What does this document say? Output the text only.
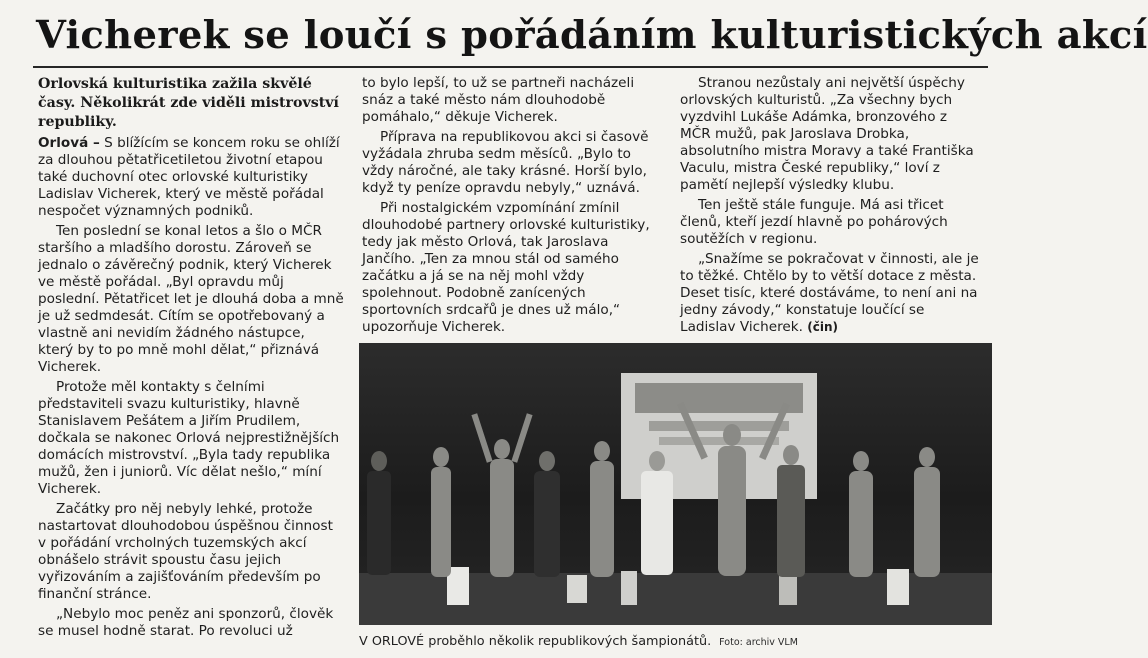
Vicherek se loučí s pořádáním kulturistických akcí

Orlovská kulturistika zažila skvělé časy. Několikrát zde viděli mistrovství republiky.

Orlová – S blížícím se koncem roku se ohlíží za dlouhou pětatřicetiletou životní etapou také duchovní otec orlovské kulturistiky Ladislav Vicherek, který ve městě pořádal nespočet významných podniků.

Ten poslední se konal letos a šlo o MČR staršího a mladšího dorostu. Zároveň se jednalo o závěrečný podnik, který Vicherek ve městě pořádal. „Byl opravdu můj poslední. Pětatřicet let je dlouhá doba a mně je už sedmdesát. Cítím se opotřebovaný a vlastně ani nevidím žádného nástupce, který by to po mně mohl dělat,“ přiznává Vicherek.

Protože měl kontakty s čelními představiteli svazu kulturistiky, hlavně Stanislavem Pešátem a Jiřím Prudilem, dočkala se nakonec Orlová nejprestižnějších domácích mistrovství. „Byla tady republika mužů, žen i juniorů. Víc dělat nešlo,“ míní Vicherek.

Začátky pro něj nebyly lehké, protože nastartovat dlouhodobou úspěšnou činnost v pořádání vrcholných tuzemských akcí obnášelo strávit spoustu času jejich vyřizováním a zajišťováním především po finanční stránce.

„Nebylo moc peněz ani sponzorů, člověk se musel hodně starat. Po revoluci už

to bylo lepší, to už se partneři nacházeli snáz a také město nám dlouhodobě pomáhalo,“ děkuje Vicherek.

Příprava na republikovou akci si časově vyžádala zhruba sedm měsíců. „Bylo to vždy náročné, ale taky krásné. Horší bylo, když ty peníze opravdu nebyly,“ uznává.

Při nostalgickém vzpomínání zmínil dlouhodobé partnery orlovské kulturistiky, tedy jak město Orlová, tak Jaroslava Jančího. „Ten za mnou stál od samého začátku a já se na něj mohl vždy spolehnout. Podobně zanícených sportovních srdcařů je dnes už málo,“ upozorňuje Vicherek.

Stranou nezůstaly ani největší úspěchy orlovských kulturistů. „Za všechny bych vyzdvihl Lukáše Adámka, bronzového z MČR mužů, pak Jaroslava Drobka, absolutního mistra Moravy a také Františka Vaculu, mistra České republiky,“ loví z pamětí nejlepší výsledky klubu.

Ten ještě stále funguje. Má asi třicet členů, kteří jezdí hlavně po pohárových soutěžích v regionu.

„Snažíme se pokračovat v činnosti, ale je to těžké. Chtělo by to větší dotace z města. Deset tisíc, které dostáváme, to není ani na jedny závody,“ konstatuje loučící se Ladislav Vicherek. (čin)

V ORLOVÉ proběhlo několik republikových šampionátů. Foto: archiv VLM
